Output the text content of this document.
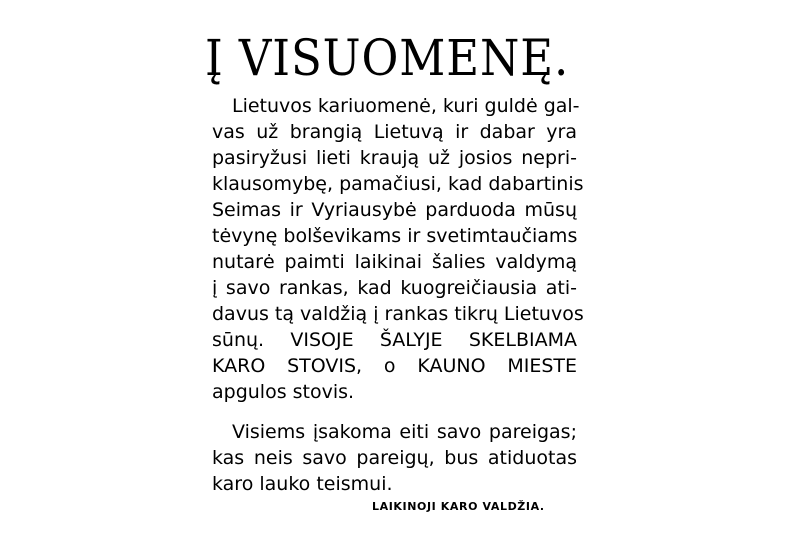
Į VISUOMENĘ.
Lietuvos kariuomenė, kuri guldė gal-
vas už brangią Lietuvą ir dabar yra
pasiryžusi lieti kraują už josios nepri-
klausomybę, pamačiusi, kad dabartinis
Seimas ir Vyriausybė parduoda mūsų
tėvynę bolševikams ir svetimtaučiams
nutarė paimti laikinai šalies valdymą
į savo rankas, kad kuogreičiausia ati-
davus tą valdžią į rankas tikrų Lietuvos
sūnų. VISOJE ŠALYJE SKELBIAMA
KARO STOVIS, o KAUNO MIESTE
apgulos stovis.
Visiems įsakoma eiti savo pareigas;
kas neis savo pareigų, bus atiduotas
karo lauko teismui.
LAIKINOJI KARO VALDŽIA.
